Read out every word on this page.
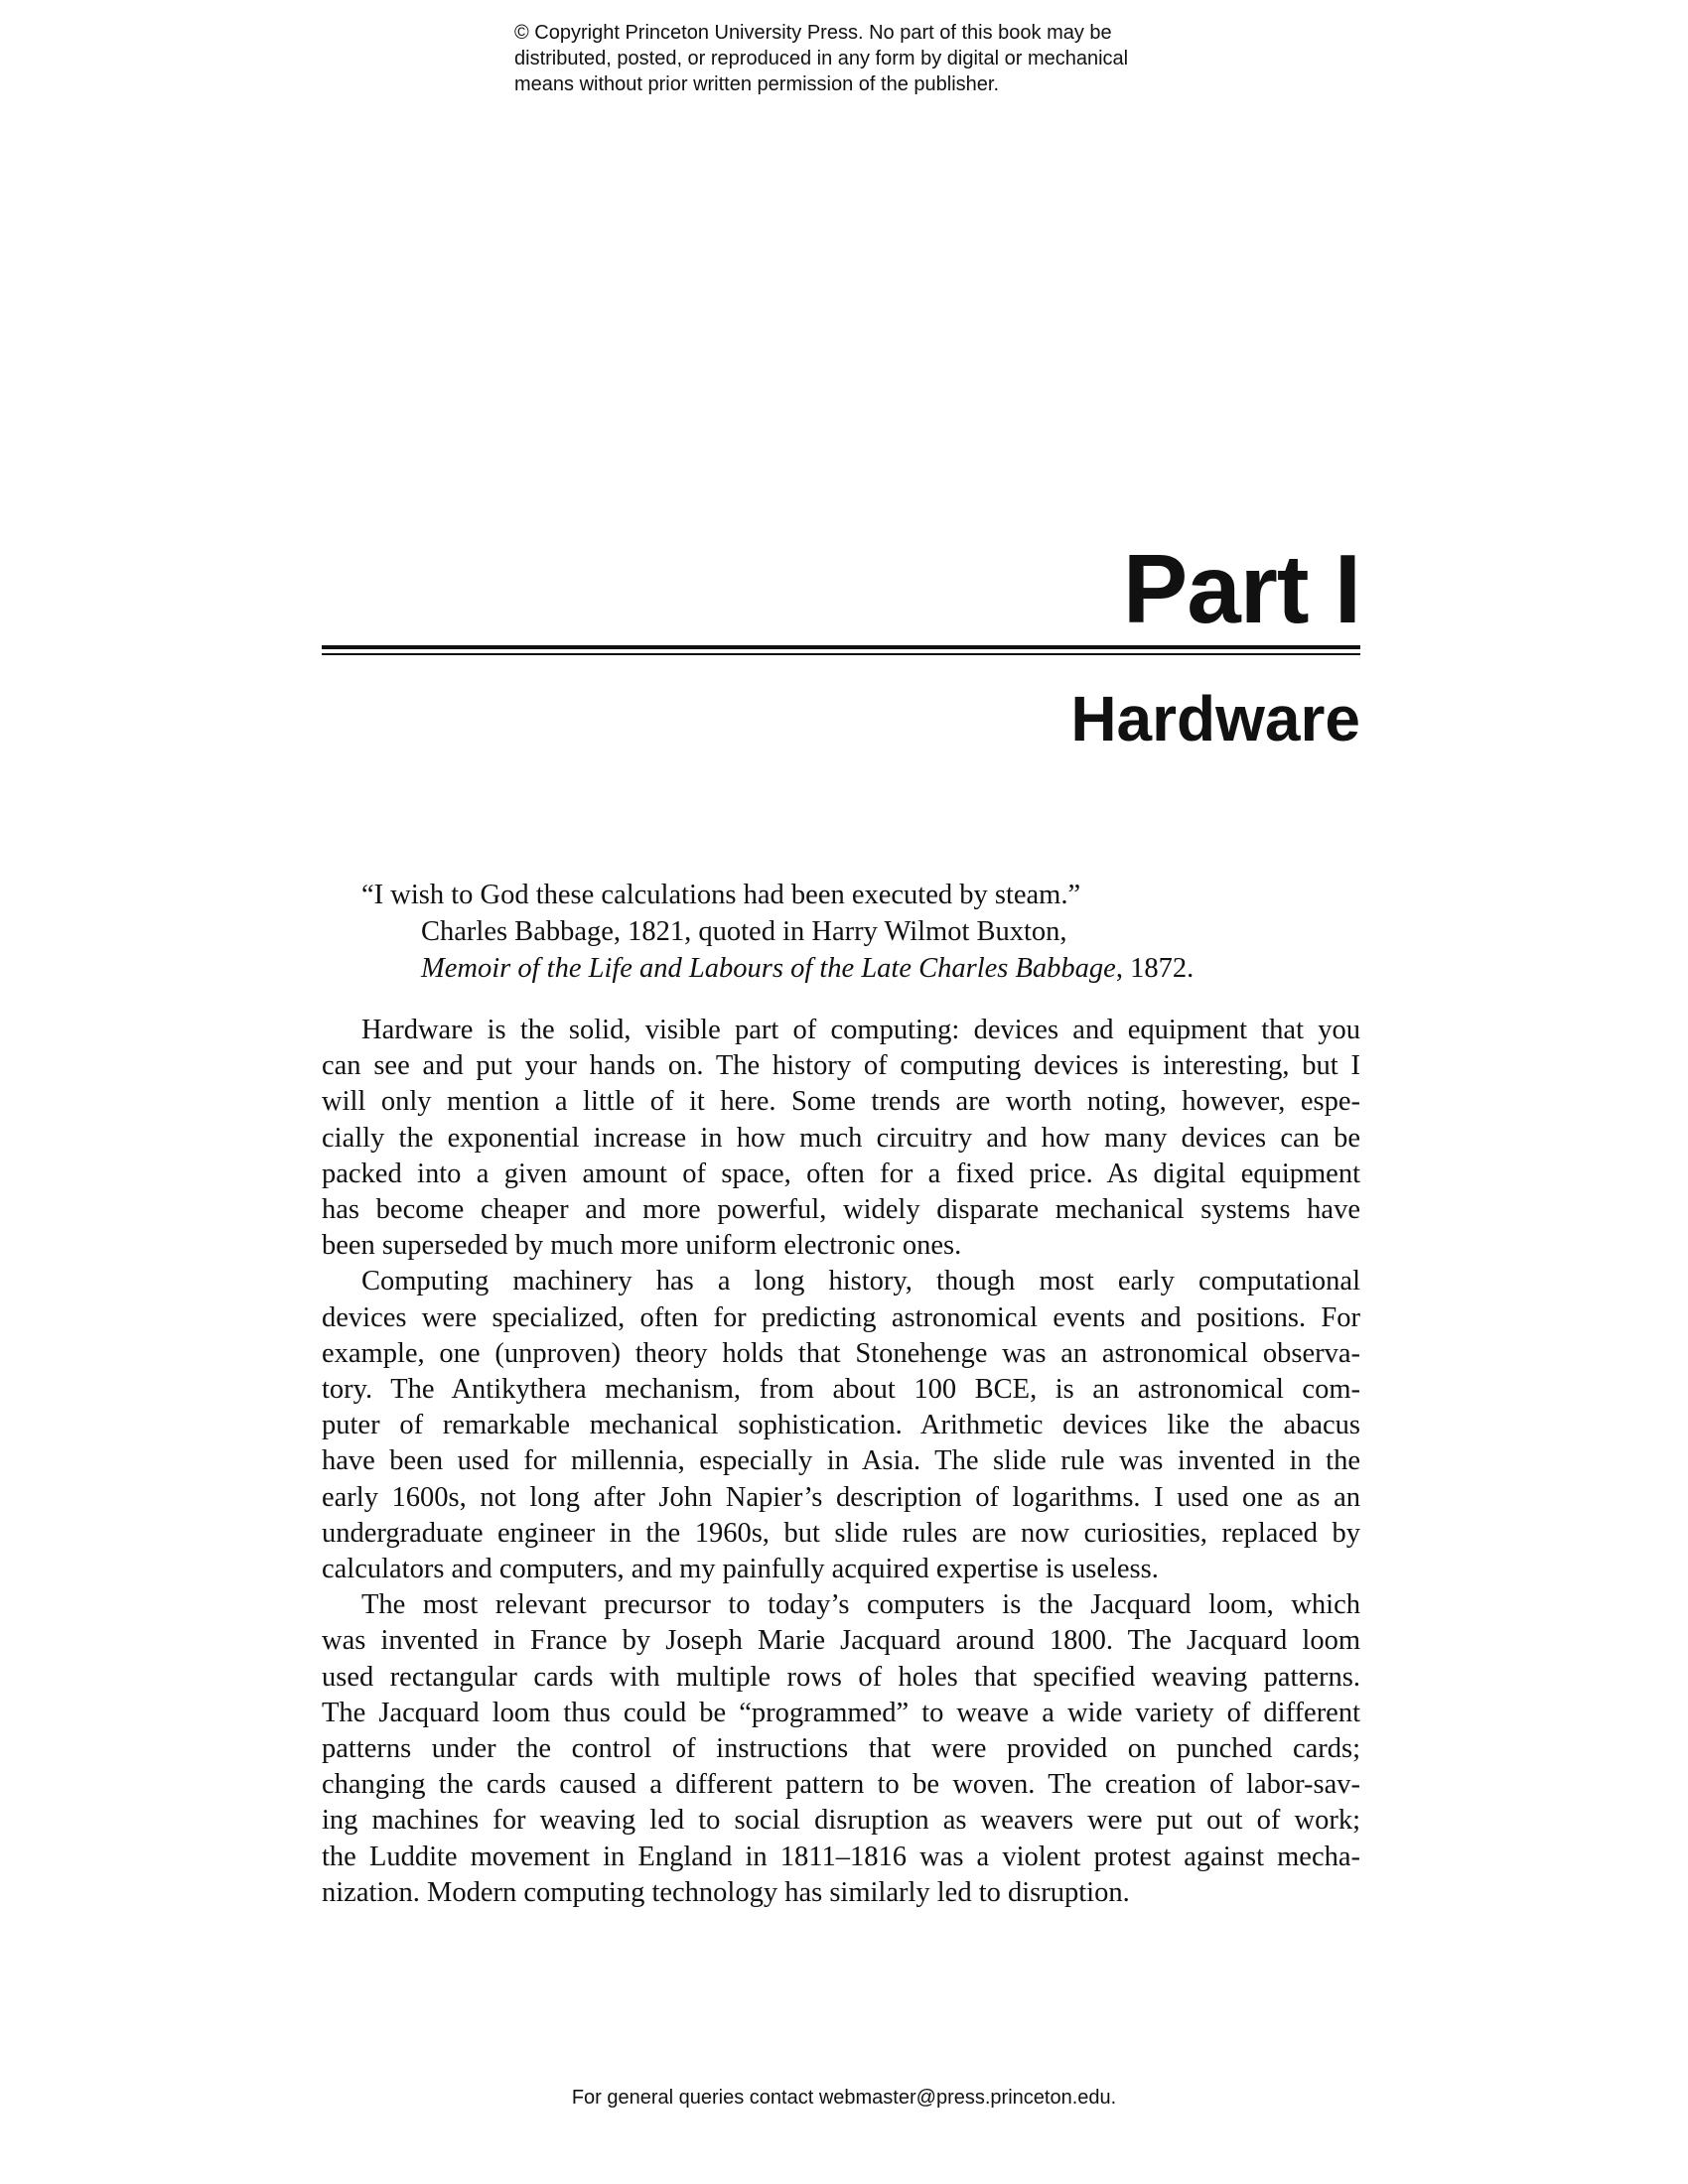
© Copyright Princeton University Press. No part of this book may be
distributed, posted, or reproduced in any form by digital or mechanical
means without prior written permission of the publisher.
Part I
Hardware
“I wish to God these calculations had been executed by steam.”
Charles Babbage, 1821, quoted in Harry Wilmot Buxton,
Memoir of the Life and Labours of the Late Charles Babbage, 1872.
Hardware is the solid, visible part of computing: devices and equipment that you
can see and put your hands on. The history of computing devices is interesting, but I
will only mention a little of it here. Some trends are worth noting, however, espe-
cially the exponential increase in how much circuitry and how many devices can be
packed into a given amount of space, often for a fixed price. As digital equipment
has become cheaper and more powerful, widely disparate mechanical systems have
been superseded by much more uniform electronic ones.
Computing machinery has a long history, though most early computational
devices were specialized, often for predicting astronomical events and positions. For
example, one (unproven) theory holds that Stonehenge was an astronomical observa-
tory. The Antikythera mechanism, from about 100 BCE, is an astronomical com-
puter of remarkable mechanical sophistication. Arithmetic devices like the abacus
have been used for millennia, especially in Asia. The slide rule was invented in the
early 1600s, not long after John Napier’s description of logarithms. I used one as an
undergraduate engineer in the 1960s, but slide rules are now curiosities, replaced by
calculators and computers, and my painfully acquired expertise is useless.
The most relevant precursor to today’s computers is the Jacquard loom, which
was invented in France by Joseph Marie Jacquard around 1800. The Jacquard loom
used rectangular cards with multiple rows of holes that specified weaving patterns.
The Jacquard loom thus could be “programmed” to weave a wide variety of different
patterns under the control of instructions that were provided on punched cards;
changing the cards caused a different pattern to be woven. The creation of labor-sav-
ing machines for weaving led to social disruption as weavers were put out of work;
the Luddite movement in England in 1811–1816 was a violent protest against mecha-
nization. Modern computing technology has similarly led to disruption.
For general queries contact webmaster@press.princeton.edu.
